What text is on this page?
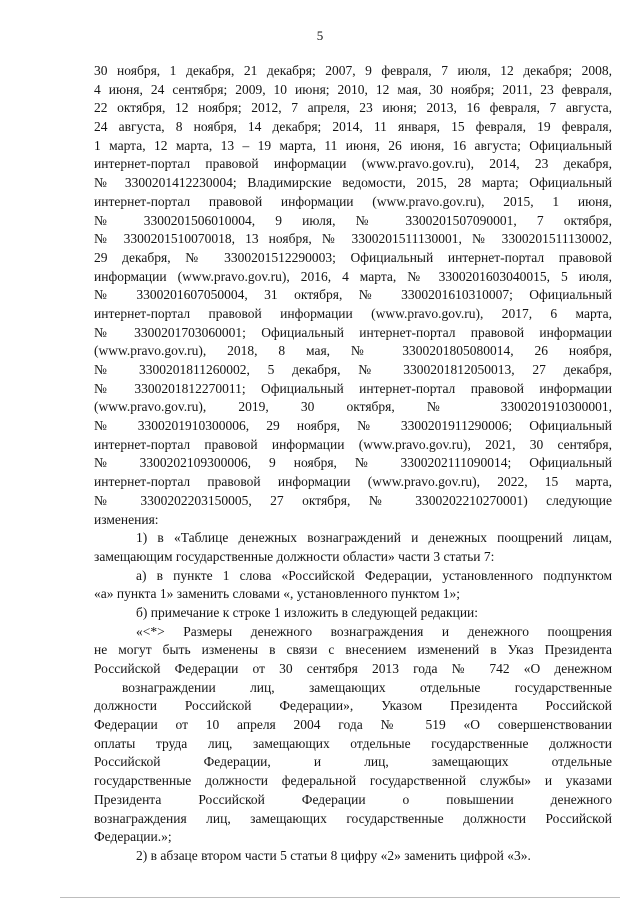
5
30 ноября, 1 декабря, 21 декабря; 2007, 9 февраля, 7 июля, 12 декабря; 2008,
4 июня, 24 сентября; 2009, 10 июня; 2010, 12 мая, 30 ноября; 2011, 23 февраля,
22 октября, 12 ноября; 2012, 7 апреля, 23 июня; 2013, 16 февраля, 7 августа,
24 августа, 8 ноября, 14 декабря; 2014, 11 января, 15 февраля, 19 февраля,
1 марта, 12 марта, 13 – 19 марта, 11 июня, 26 июня, 16 августа; Официальный
интернет-портал правовой информации (www.pravo.gov.ru), 2014, 23 декабря,
№ 3300201412230004; Владимирские ведомости, 2015, 28 марта; Официальный
интернет-портал правовой информации (www.pravo.gov.ru), 2015, 1 июня,
№ 3300201506010004, 9 июля, № 3300201507090001, 7 октября,
№ 3300201510070018, 13 ноября, № 3300201511130001, № 3300201511130002,
29 декабря, № 3300201512290003; Официальный интернет-портал правовой
информации (www.pravo.gov.ru), 2016, 4 марта, № 3300201603040015, 5 июля,
№ 3300201607050004, 31 октября, № 3300201610310007; Официальный
интернет-портал правовой информации (www.pravo.gov.ru), 2017, 6 марта,
№ 3300201703060001; Официальный интернет-портал правовой информации
(www.pravo.gov.ru), 2018, 8 мая, № 3300201805080014, 26 ноября,
№ 3300201811260002, 5 декабря, № 3300201812050013, 27 декабря,
№ 3300201812270011; Официальный интернет-портал правовой информации
(www.pravo.gov.ru), 2019, 30 октября, № 3300201910300001,
№ 3300201910300006, 29 ноября, № 3300201911290006; Официальный
интернет-портал правовой информации (www.pravo.gov.ru), 2021, 30 сентября,
№ 3300202109300006, 9 ноября, № 3300202111090014; Официальный
интернет-портал правовой информации (www.pravo.gov.ru), 2022, 15 марта,
№ 3300202203150005, 27 октября, № 3300202210270001) следующие
изменения:
1) в «Таблице денежных вознаграждений и денежных поощрений лицам,
замещающим государственные должности области» части 3 статьи 7:
а) в пункте 1 слова «Российской Федерации, установленного подпунктом
«а» пункта 1» заменить словами «, установленного пунктом 1»;
б) примечание к строке 1 изложить в следующей редакции:
«<*> Размеры денежного вознаграждения и денежного поощрения
не могут быть изменены в связи с внесением изменений в Указ Президента
Российской Федерации от 30 сентября 2013 года № 742 «О денежном
вознаграждении лиц, замещающих отдельные государственные
должности Российской Федерации», Указом Президента Российской
Федерации от 10 апреля 2004 года № 519 «О совершенствовании
оплаты труда лиц, замещающих отдельные государственные должности
Российской Федерации, и лиц, замещающих отдельные
государственные должности федеральной государственной службы» и указами
Президента Российской Федерации о повышении денежного
вознаграждения лиц, замещающих государственные должности Российской
Федерации.»;
2) в абзаце втором части 5 статьи 8 цифру «2» заменить цифрой «3».
